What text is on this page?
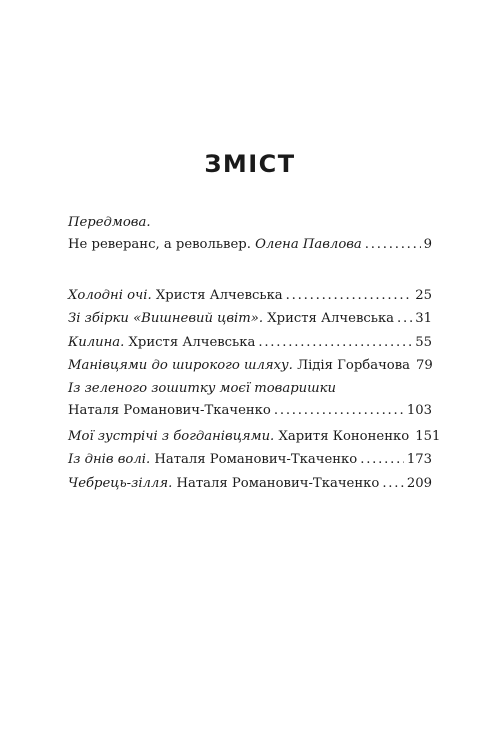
ЗМІСТ
Передмова.
Не реверанс, а револьвер. Олена Павлова . . .	9
Холодні очі. Христя Алчевська . . .	25
Зі збірки «Вишневий цвіт». Христя Алчевська . . . 31
Килина. Христя Алчевська . . .	55
Манівцями до широкого шляху. Лідія Горбачова 79
Із зеленого зошитку моєї товаришки
Наталя Романович-Ткаченко . . .	103
Мої зустрічі з богданівцями. Харитя Кононенко 151
Із днів волі. Наталя Романович-Ткаченко . . .	173
Чебрець-зілля. Наталя Романович-Ткаченко . . . 209
